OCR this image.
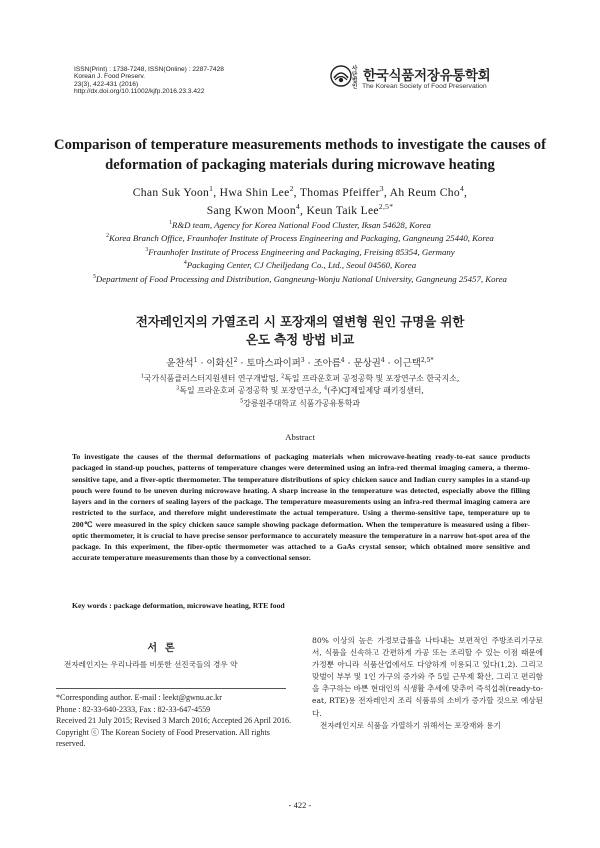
ISSN(Print) : 1738-7248, ISSN(Online) : 2287-7428
Korean J. Food Preserv.
23(3), 422-431 (2016)
http://dx.doi.org/10.11002/kjfp.2016.23.3.422
사단법인
한국식품저장유통학회
The Korean Society of Food Preservation
Comparison of temperature measurements methods to investigate the causes of deformation of packaging materials during microwave heating
Chan Suk Yoon$^1$, Hwa Shin Lee$^2$, Thomas Pfeiffer$^3$, Ah Reum Cho$^4$,
Sang Kwon Moon$^4$, Keun Taik Lee$^{2,5*}$
$^1$R&D team, Agency for Korea National Food Cluster, Iksan 54628, Korea
$^2$Korea Branch Office, Fraunhofer Institute of Process Engineering and Packaging, Gangneung 25440, Korea
$^3$Fraunhofer Institute of Process Engineering and Packaging, Freising 85354, Germany
$^4$Packaging Center, CJ Cheiljedang Co., Ltd., Seoul 04560, Korea
$^5$Department of Food Processing and Distribution, Gangneung-Wonju National University, Gangneung 25457, Korea
전자레인지의 가열조리 시 포장재의 열변형 원인 규명을 위한
온도 측정 방법 비교
윤찬석$^1$ · 이화신$^2$ · 토마스파이퍼$^3$ · 조아름$^4$ · 문상권$^4$ · 이근택$^{2,5*}$
$^1$국가식품클러스터지원센터 연구개발팀, $^2$독일 프라운호퍼 공정공학 및 포장연구소 한국지소,
$^3$독일 프라운호퍼 공정공학 및 포장연구소, $^4$(주)CJ제일제당 패키징센터,
$^5$강릉원주대학교 식품가공유통학과
Abstract
To investigate the causes of the thermal deformations of packaging materials when microwave-heating ready-to-eat sauce products packaged in stand-up pouches, patterns of temperature changes were determined using an infra-red thermal imaging camera, a thermo-sensitive tape, and a fiver-optic thermometer. The temperature distributions of spicy chicken sauce and Indian curry samples in a stand-up pouch were found to be uneven during microwave heating. A sharp increase in the temperature was detected, especially above the filling layers and in the corners of sealing layers of the package. The temperature measurements using an infra-red thermal imaging camera are restricted to the surface, and therefore might underestimate the actual temperature. Using a thermo-sensitive tape, temperature up to 200℃ were measured in the spicy chicken sauce sample showing package deformation. When the temperature is measured using a fiber-optic thermometer, it is crucial to have precise sensor performance to accurately measure the temperature in a narrow hot-spot area of the package. In this experiment, the fiber-optic thermometer was attached to a GaAs crystal sensor, which obtained more sensitive and accurate temperature measurements than those by a convectional sensor.
Key words : package deformation, microwave heating, RTE food
서론
전자레인지는 우리나라를 비롯한 선진국들의 경우 약
*Corresponding author. E-mail : leekt@gwnu.ac.kr
Phone : 82-33-640-2333, Fax : 82-33-647-4559
Received 21 July 2015; Revised 3 March 2016; Accepted 26 April 2016.
Copyright ⓒ The Korean Society of Food Preservation. All rights reserved.

80% 이상의 높은 가정보급률을 나타내는 보편적인 주방조리기구로서, 식품을 신속하고 간편하게 가공 또는 조리할 수 있는 이점 때문에 가정뿐 아니라 식품산업에서도 다양하게 이용되고 있다(1,2). 그리고 맞벌이 부부 및 1인 가구의 증가와 주 5일 근무제 확산, 그리고 편리함을 추구하는 바쁜 현대인의 식생활 추세에 맞추어 즉석섭취(ready-to-eat, RTE)용 전자레인지 조리 식품류의 소비가 증가할 것으로 예상된다.

전자레인지로 식품을 가열하기 위해서는 포장재와 용기

- 422 -
